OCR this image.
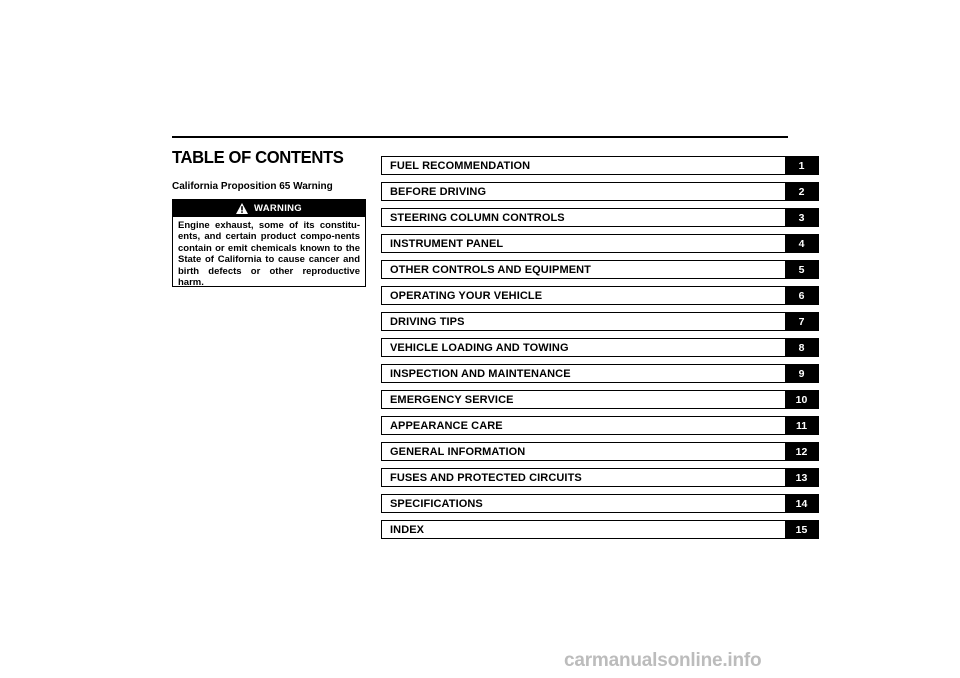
TABLE OF CONTENTS
California Proposition 65 Warning
WARNING
Engine exhaust, some of its constitu-ents, and certain product compo-nents contain or emit chemicals known to the State of California to cause cancer and birth defects or other reproductive harm.
FUEL RECOMMENDATION	1
BEFORE DRIVING	2
STEERING COLUMN CONTROLS	3
INSTRUMENT PANEL	4
OTHER CONTROLS AND EQUIPMENT	5
OPERATING YOUR VEHICLE	6
DRIVING TIPS	7
VEHICLE LOADING AND TOWING	8
INSPECTION AND MAINTENANCE	9
EMERGENCY SERVICE	10
APPEARANCE CARE	11
GENERAL INFORMATION	12
FUSES AND PROTECTED CIRCUITS	13
SPECIFICATIONS	14
INDEX	15
carmanualsonline.info
